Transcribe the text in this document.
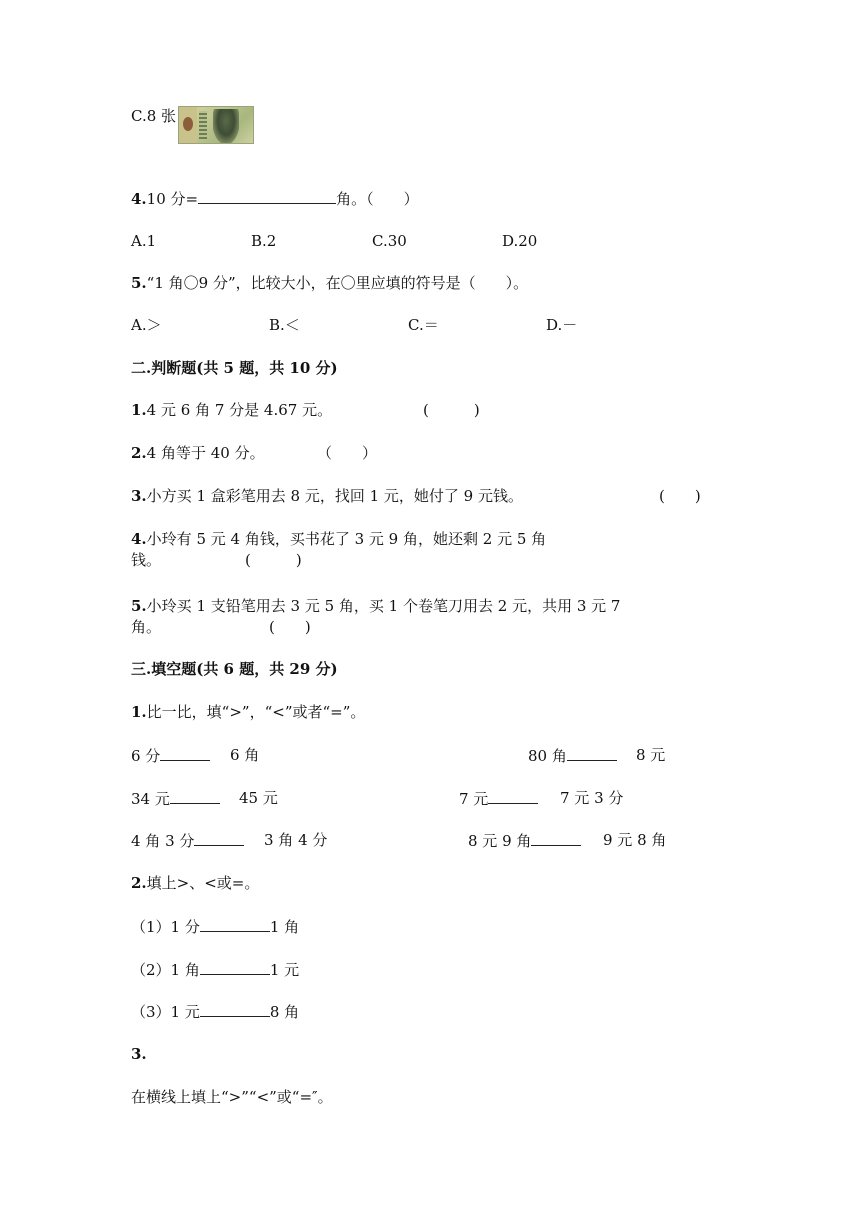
C.8 张
4.10 分=	角。（　　）
A.1	B.2	C.30	D.20
5.“1 角〇9 分”，比较大小，在〇里应填的符号是（　　）。
A.＞	B.＜	C.＝	D.－
二.判断题(共 5 题，共 10 分)
1.4 元 6 角 7 分是 4.67 元。	(　　　)
2.4 角等于 40 分。	（　　）
3.小方买 1 盒彩笔用去 8 元，找回 1 元，她付了 9 元钱。	(　　)
4.小玲有 5 元 4 角钱，买书花了 3 元 9 角，她还剩 2 元 5 角
钱。	(　　　)
5.小玲买 1 支铅笔用去 3 元 5 角，买 1 个卷笔刀用去 2 元，共用 3 元 7
角。	(　　)
三.填空题(共 6 题，共 29 分)
1.比一比，填“>”，“<”或者“=”。
6 分	6 角	80 角	8 元
34 元	45 元	7 元	7 元 3 分
4 角 3 分	3 角 4 分	8 元 9 角	9 元 8 角
2.填上>、<或=。
（1）1 分	1 角
（2）1 角	1 元
（3）1 元	8 角
3.
在横线上填上“>”“<”或“=″。
